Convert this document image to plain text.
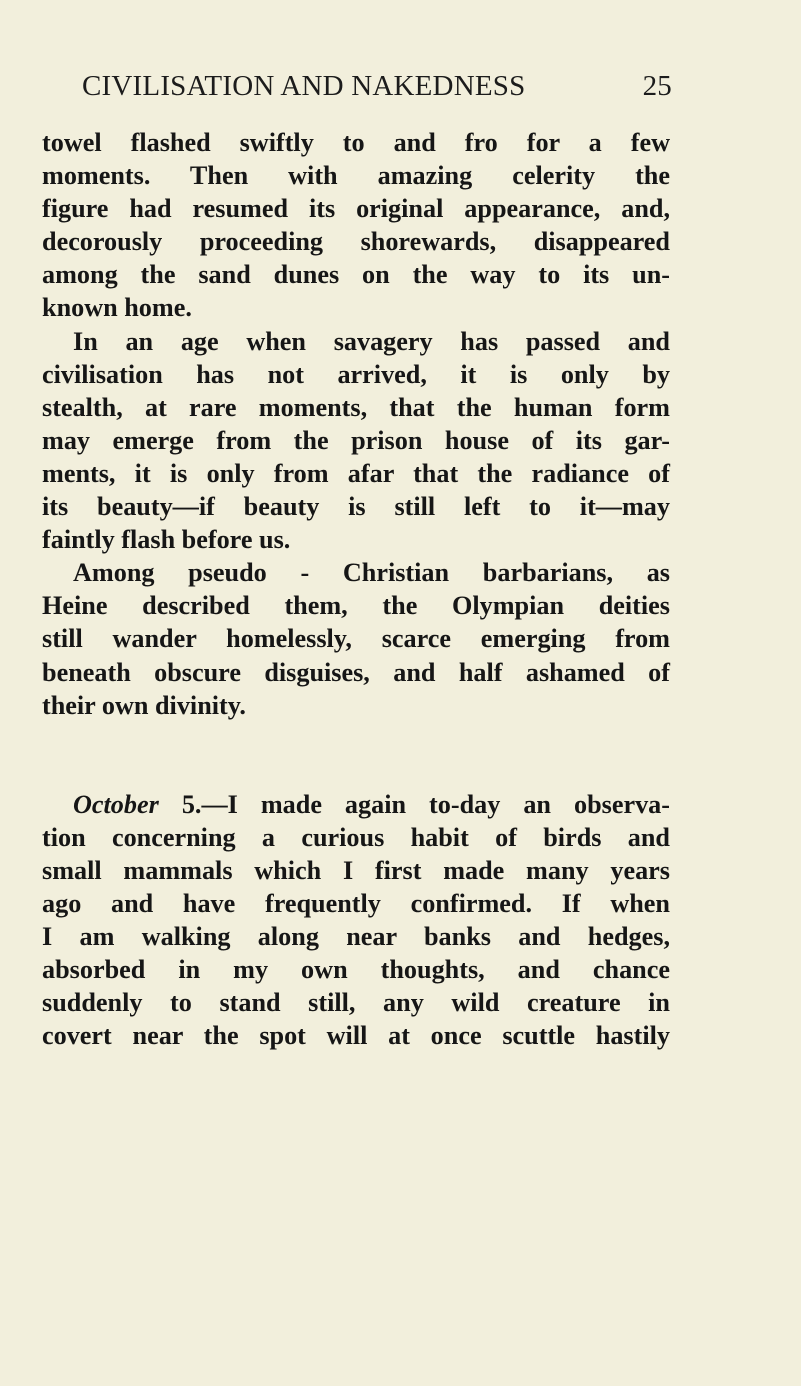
CIVILISATION AND NAKEDNESS	25
towel flashed swiftly to and fro for a few
moments. Then with amazing celerity the
figure had resumed its original appearance, and,
decorously proceeding shorewards, disappeared
among the sand dunes on the way to its un-
known home.
In an age when savagery has passed and
civilisation has not arrived, it is only by
stealth, at rare moments, that the human form
may emerge from the prison house of its gar-
ments, it is only from afar that the radiance of
its beauty—if beauty is still left to it—may
faintly flash before us.
Among pseudo - Christian barbarians, as
Heine described them, the Olympian deities
still wander homelessly, scarce emerging from
beneath obscure disguises, and half ashamed of
their own divinity.
October 5.—I made again to-day an observa-
tion concerning a curious habit of birds and
small mammals which I first made many years
ago and have frequently confirmed. If when
I am walking along near banks and hedges,
absorbed in my own thoughts, and chance
suddenly to stand still, any wild creature in
covert near the spot will at once scuttle hastily
